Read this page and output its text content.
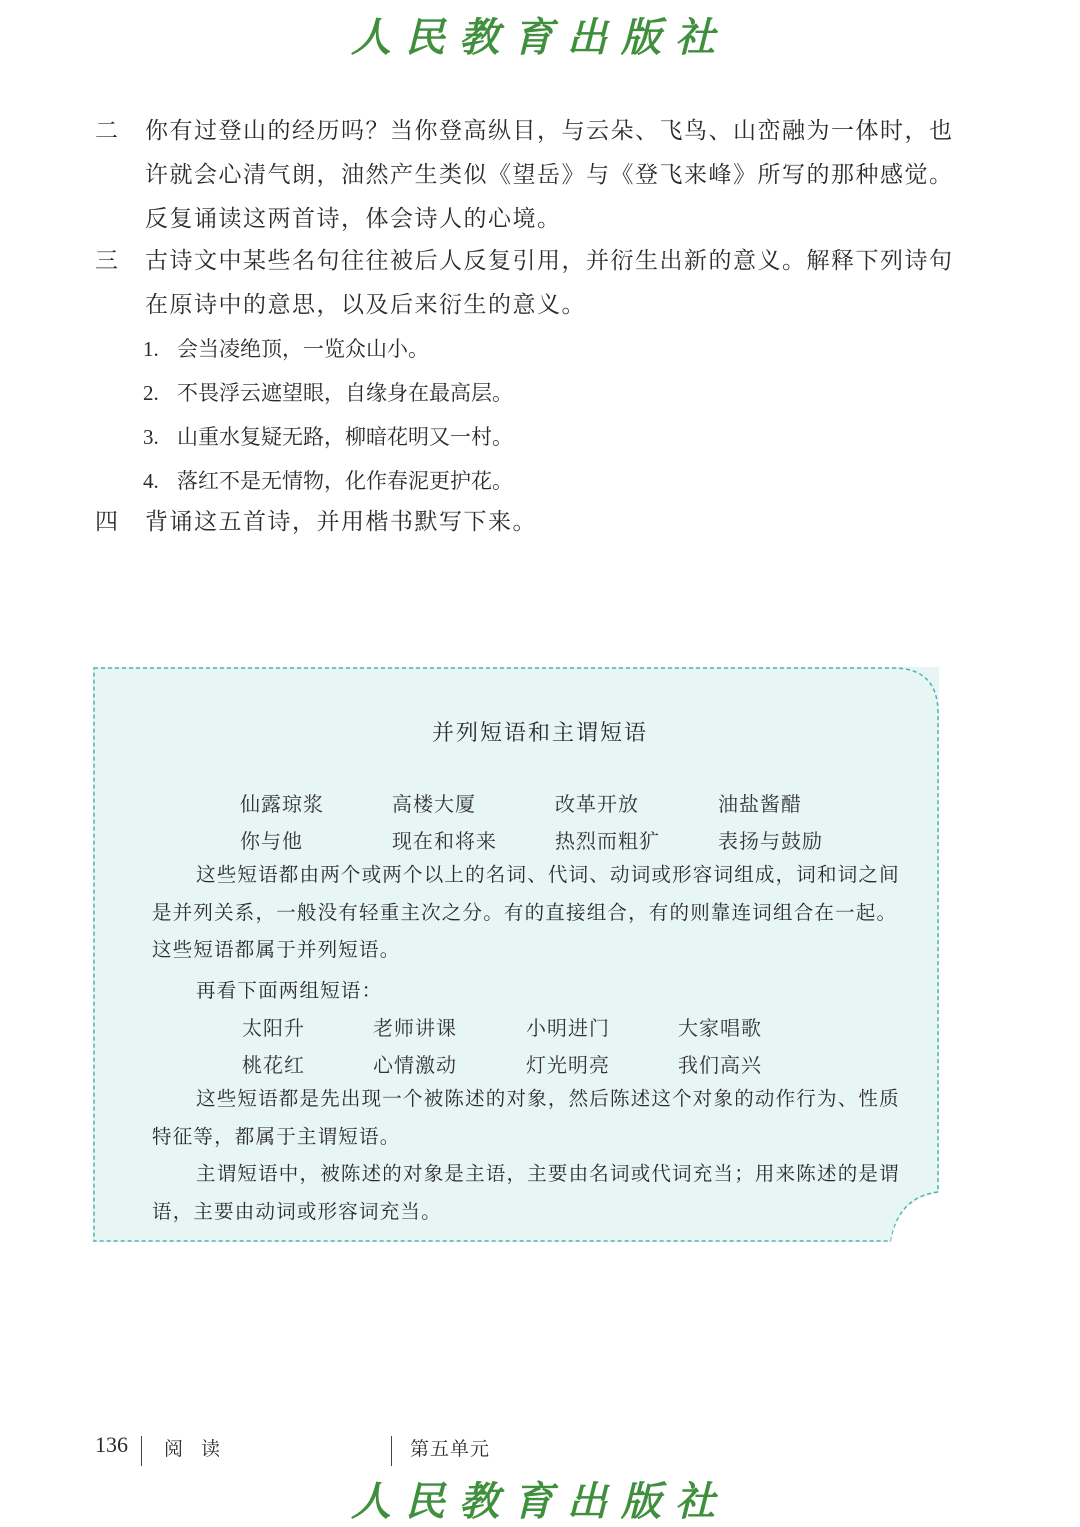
人民教育出版社
二	你有过登山的经历吗？当你登高纵目，与云朵、飞鸟、山峦融为一体时，也许就会心清气朗，油然产生类似《望岳》与《登飞来峰》所写的那种感觉。反复诵读这两首诗，体会诗人的心境。
三	古诗文中某些名句往往被后人反复引用，并衍生出新的意义。解释下列诗句在原诗中的意思，以及后来衍生的意义。
1. 会当凌绝顶，一览众山小。
2. 不畏浮云遮望眼，自缘身在最高层。
3. 山重水复疑无路，柳暗花明又一村。
4. 落红不是无情物，化作春泥更护花。
四	背诵这五首诗，并用楷书默写下来。
并列短语和主谓短语
仙露琼浆	高楼大厦	改革开放	油盐酱醋
你与他	现在和将来	热烈而粗犷	表扬与鼓励
这些短语都由两个或两个以上的名词、代词、动词或形容词组成，词和词之间是并列关系，一般没有轻重主次之分。有的直接组合，有的则靠连词组合在一起。这些短语都属于并列短语。
再看下面两组短语：
太阳升	老师讲课	小明进门	大家唱歌
桃花红	心情激动	灯光明亮	我们高兴
这些短语都是先出现一个被陈述的对象，然后陈述这个对象的动作行为、性质特征等，都属于主谓短语。
主谓短语中，被陈述的对象是主语，主要由名词或代词充当；用来陈述的是谓语，主要由动词或形容词充当。
136 阅 读	第五单元
人民教育出版社
